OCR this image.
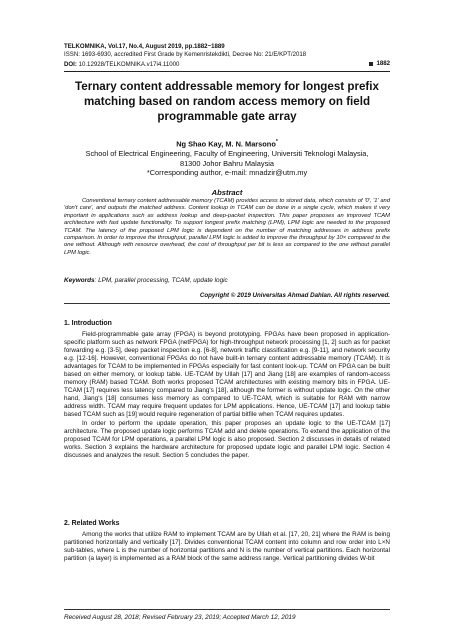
TELKOMNIKA, Vol.17, No.4, August 2019, pp.1882~1889
ISSN: 1693-6930, accredited First Grade by Kemenristekdikti, Decree No: 21/E/KPT/2018
DOI: 10.12928/TELKOMNIKA.v17i4.11000	1882
Ternary content addressable memory for longest prefix matching based on random access memory on field programmable gate array
Ng Shao Kay, M. N. Marsono*
School of Electrical Engineering, Faculty of Engineering, Universiti Teknologi Malaysia,
81300 Johor Bahru Malaysia
*Corresponding author, e-mail: mnadzir@utm.my
Abstract
Conventional ternary content addressable memory (TCAM) provides access to stored data, which consists of '0', '1' and 'don't care', and outputs the matched address. Content lookup in TCAM can be done in a single cycle, which makes it very important in applications such as address lookup and deep-packet inspection. This paper proposes an improved TCAM architecture with fast update functionality. To support longest prefix matching (LPM), LPM logic are needed to the proposed TCAM. The latency of the proposed LPM logic is dependent on the number of matching addresses in address prefix comparison. In order to improve the throughput, parallel LPM logic is added to improve the throughput by 10× compared to the one without. Although with resource overhead, the cost of throughput per bit is less as compared to the one without parallel LPM logic.
Keywords: LPM, parallel processing, TCAM, update logic
Copyright © 2019 Universitas Ahmad Dahlan. All rights reserved.
1. Introduction

Field-programmable gate array (FPGA) is beyond prototyping. FPGAs have been proposed in application-specific platform such as network FPGA (netFPGA) for high-throughput network processing [1, 2] such as for packet forwarding e.g. [3-5], deep packet inspection e.g. [6-8], network traffic classification e.g. [9-11], and network security e.g. [12-16]. However, conventional FPGAs do not have built-in ternary content addressable memory (TCAM). It is advantages for TCAM to be implemented in FPGAs especially for fast content look-up. TCAM on FPGA can be built based on either memory, or lookup table. UE-TCAM by Ullah [17] and Jiang [18] are examples of random-access memory (RAM) based TCAM. Both works proposed TCAM architectures with existing memory bits in FPGA. UE-TCAM [17] requires less latency compared to Jiang's [18], although the former is without update logic. On the other hand, Jiang's [18] consumes less memory as compared to UE-TCAM, which is suitable for RAM with narrow address width. TCAM may require frequent updates for LPM applications. Hence, UE-TCAM [17] and lookup table based TCAM such as [19] would require regeneration of partial bitfile when TCAM requires updates.

In order to perform the update operation, this paper proposes an update logic to the UE-TCAM [17] architecture. The proposed update logic performs TCAM add and delete operations. To extend the application of the proposed TCAM for LPM operations, a parallel LPM logic is also proposed. Section 2 discusses in details of related works. Section 3 explains the hardware architecture for proposed update logic and parallel LPM logic. Section 4 discusses and analyzes the result. Section 5 concludes the paper.

2. Related Works

Among the works that utilize RAM to implement TCAM are by Ullah et al. [17, 20, 21] where the RAM is being partitioned horizontally and vertically [17]. Divides conventional TCAM content into column and row order into L×N sub-tables, where L is the number of horizontal partitions and N is the number of vertical partitions. Each horizontal partition (a layer) is implemented as a RAM block of the same address range. Vertical partitioning divides W-bit

Received August 28, 2018; Revised February 23, 2019; Accepted March 12, 2019
